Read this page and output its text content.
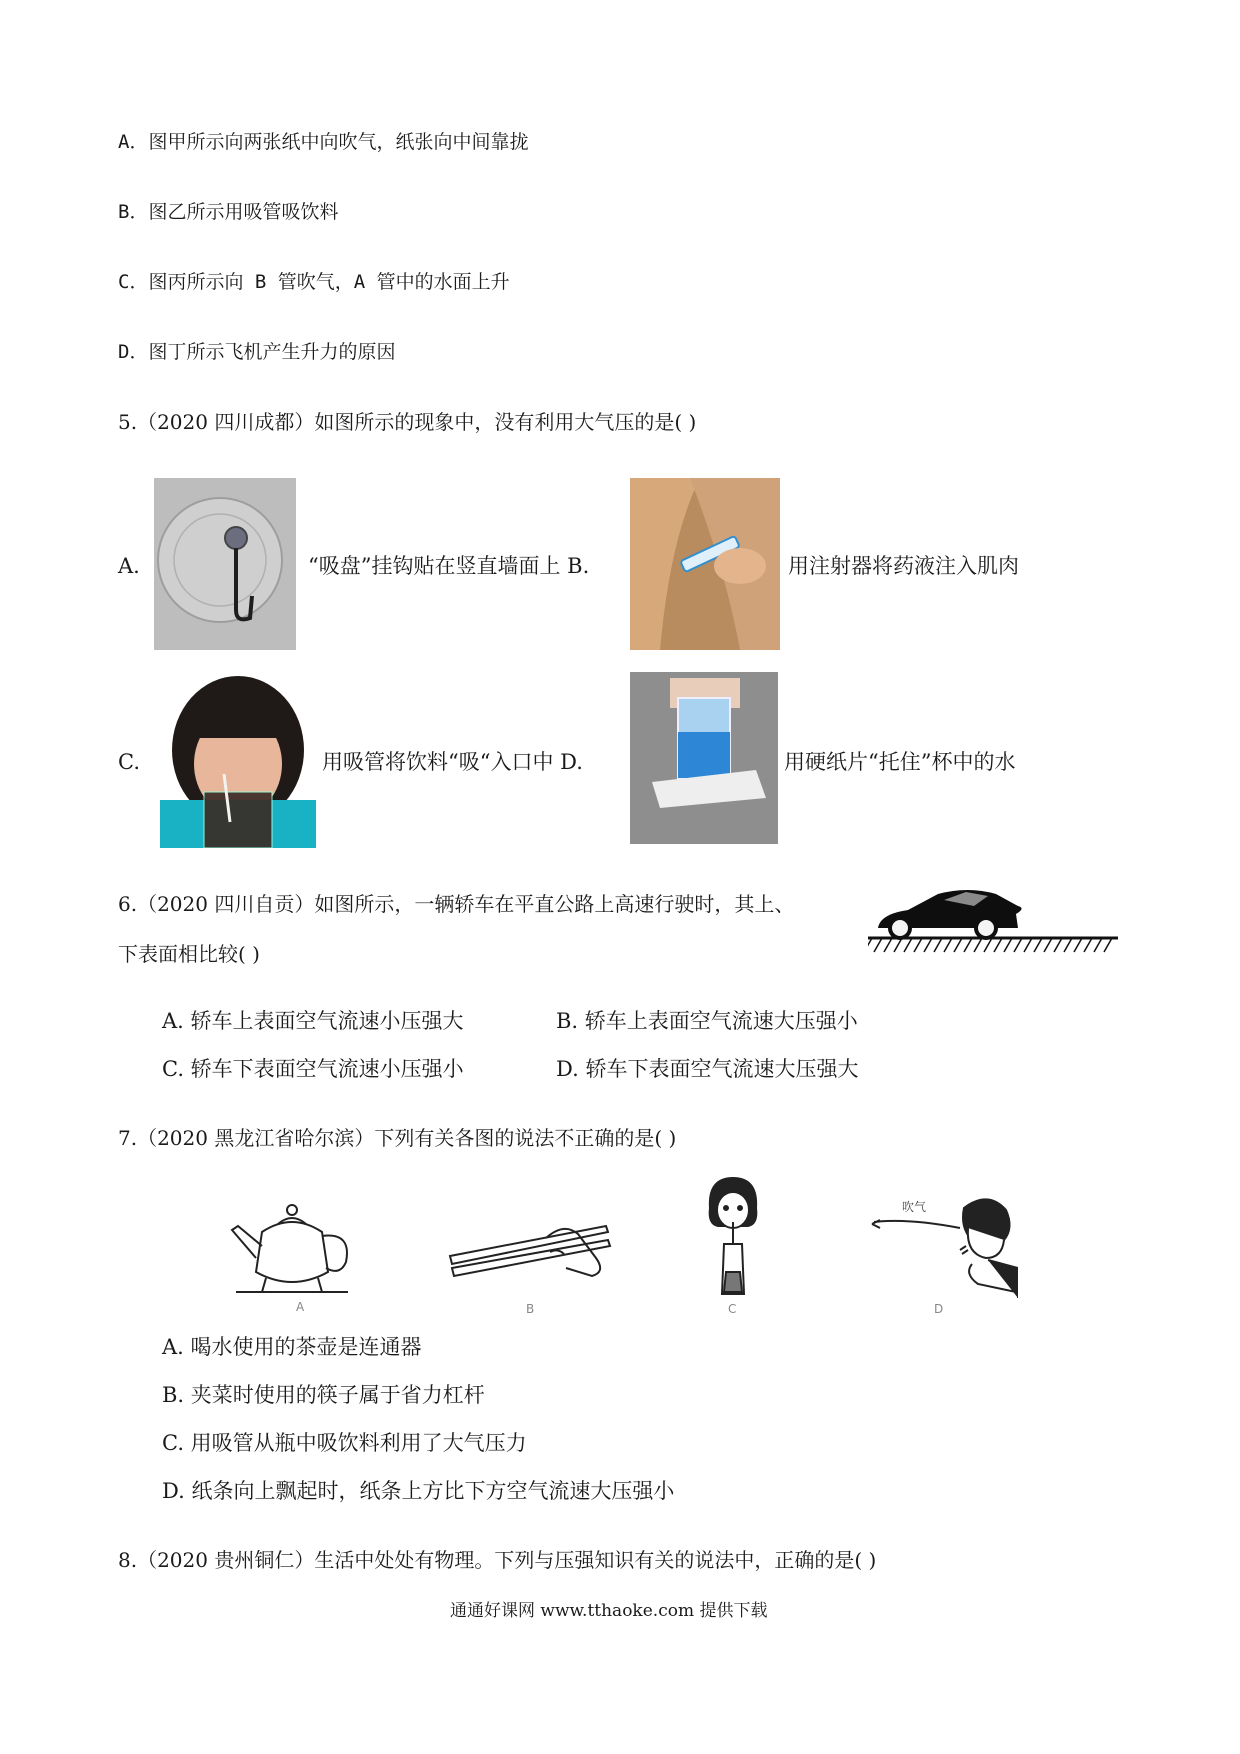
A．图甲所示向两张纸中向吹气，纸张向中间靠拢
B．图乙所示用吸管吸饮料
C．图丙所示向 B 管吹气，A 管中的水面上升
D．图丁所示飞机产生升力的原因
5.（2020 四川成都）如图所示的现象中，没有利用大气压的是( )
A.	“吸盘”挂钩贴在竖直墙面上 B.	用注射器将药液注入肌肉
C.	用吸管将饮料“吸“入口中 D.	用硬纸片“托住”杯中的水
6.（2020 四川自贡）如图所示，一辆轿车在平直公路上高速行驶时，其上、
下表面相比较( )
A. 轿车上表面空气流速小压强大	B. 轿车上表面空气流速大压强小
C. 轿车下表面空气流速小压强小	D. 轿车下表面空气流速大压强大
7.（2020 黑龙江省哈尔滨）下列有关各图的说法不正确的是( )
A	B	C
吹气
D
A. 喝水使用的茶壶是连通器
B. 夹菜时使用的筷子属于省力杠杆
C. 用吸管从瓶中吸饮料利用了大气压力
D. 纸条向上飘起时，纸条上方比下方空气流速大压强小
8.（2020 贵州铜仁）生活中处处有物理。下列与压强知识有关的说法中，正确的是( )
通通好课网 www.tthaoke.com 提供下载
